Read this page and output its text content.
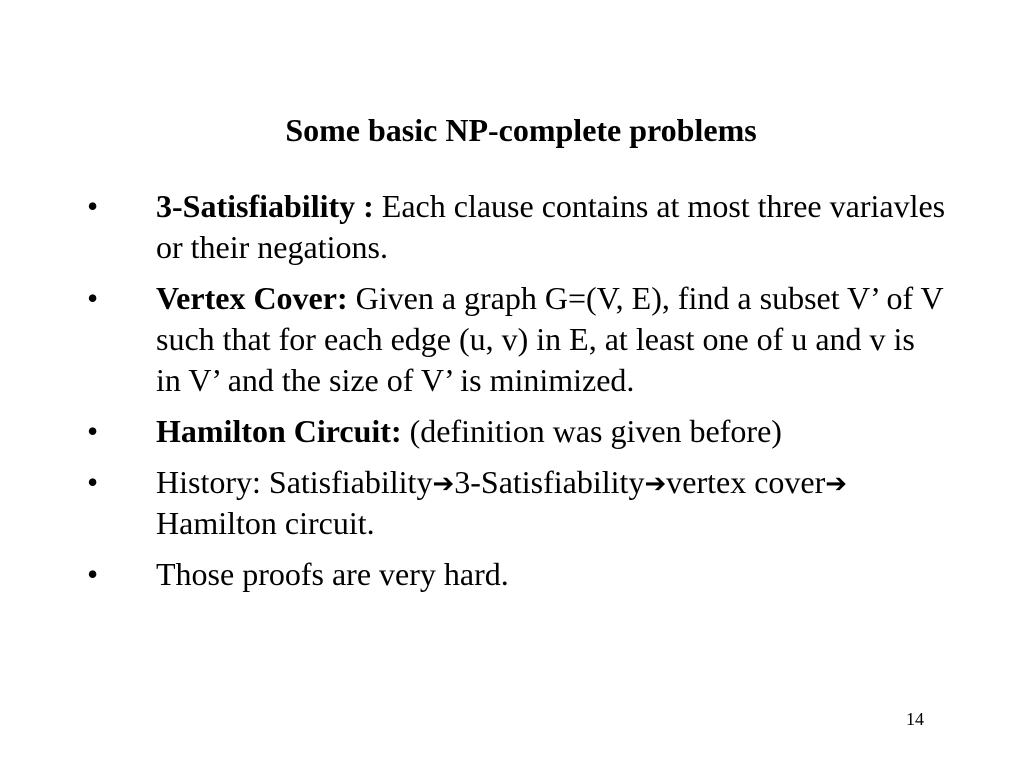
Some basic NP-complete problems
• 3-Satisfiability : Each clause contains at most three variavles or their negations.
• Vertex Cover: Given a graph G=(V, E), find a subset V’ of V such that for each edge (u, v) in E, at least one of u and v is in V’ and the size of V’ is minimized.
• Hamilton Circuit: (definition was given before)
• History: Satisfiability➔3-Satisfiability➔vertex cover➔Hamilton circuit.
• Those proofs are very hard.
14
